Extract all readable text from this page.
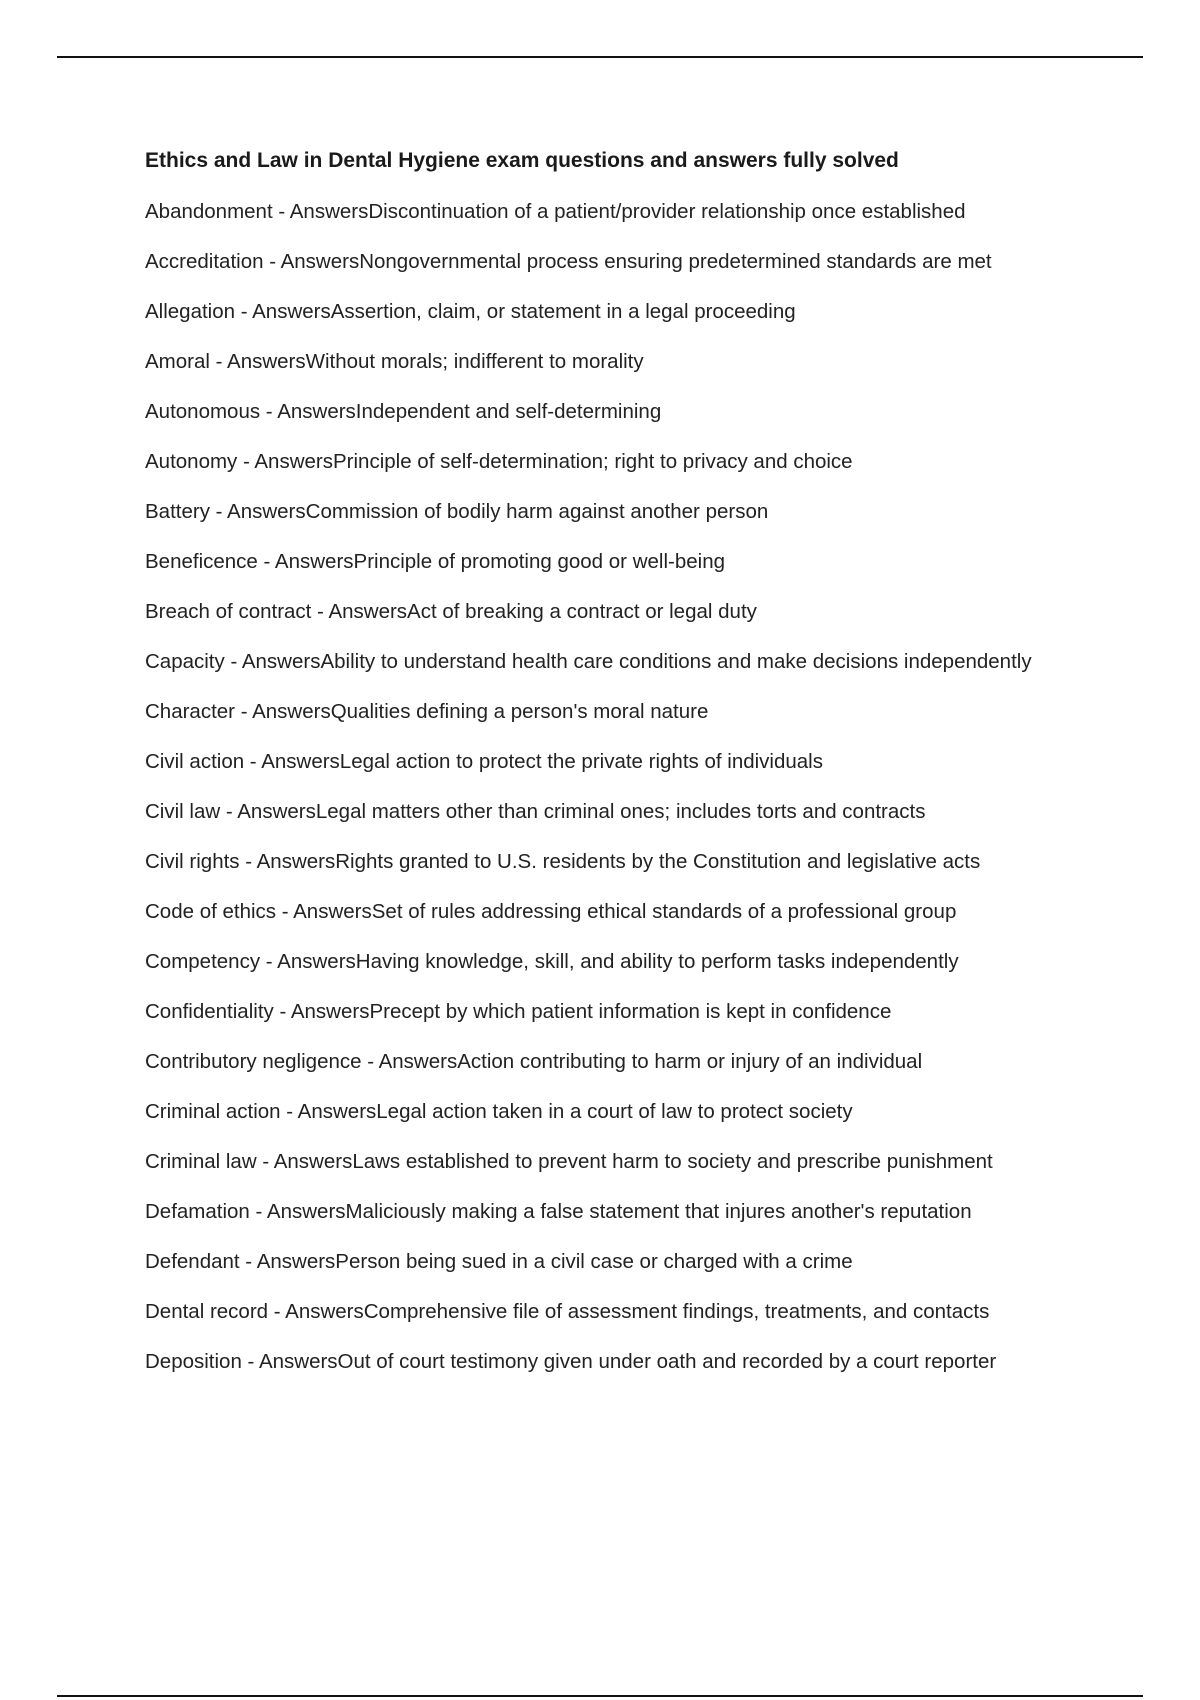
Ethics and Law in Dental Hygiene exam questions and answers fully solved
Abandonment - AnswersDiscontinuation of a patient/provider relationship once established
Accreditation - AnswersNongovernmental process ensuring predetermined standards are met
Allegation - AnswersAssertion, claim, or statement in a legal proceeding
Amoral - AnswersWithout morals; indifferent to morality
Autonomous - AnswersIndependent and self-determining
Autonomy - AnswersPrinciple of self-determination; right to privacy and choice
Battery - AnswersCommission of bodily harm against another person
Beneficence - AnswersPrinciple of promoting good or well-being
Breach of contract - AnswersAct of breaking a contract or legal duty
Capacity - AnswersAbility to understand health care conditions and make decisions independently
Character - AnswersQualities defining a person's moral nature
Civil action - AnswersLegal action to protect the private rights of individuals
Civil law - AnswersLegal matters other than criminal ones; includes torts and contracts
Civil rights - AnswersRights granted to U.S. residents by the Constitution and legislative acts
Code of ethics - AnswersSet of rules addressing ethical standards of a professional group
Competency - AnswersHaving knowledge, skill, and ability to perform tasks independently
Confidentiality - AnswersPrecept by which patient information is kept in confidence
Contributory negligence - AnswersAction contributing to harm or injury of an individual
Criminal action - AnswersLegal action taken in a court of law to protect society
Criminal law - AnswersLaws established to prevent harm to society and prescribe punishment
Defamation - AnswersMaliciously making a false statement that injures another's reputation
Defendant - AnswersPerson being sued in a civil case or charged with a crime
Dental record - AnswersComprehensive file of assessment findings, treatments, and contacts
Deposition - AnswersOut of court testimony given under oath and recorded by a court reporter
